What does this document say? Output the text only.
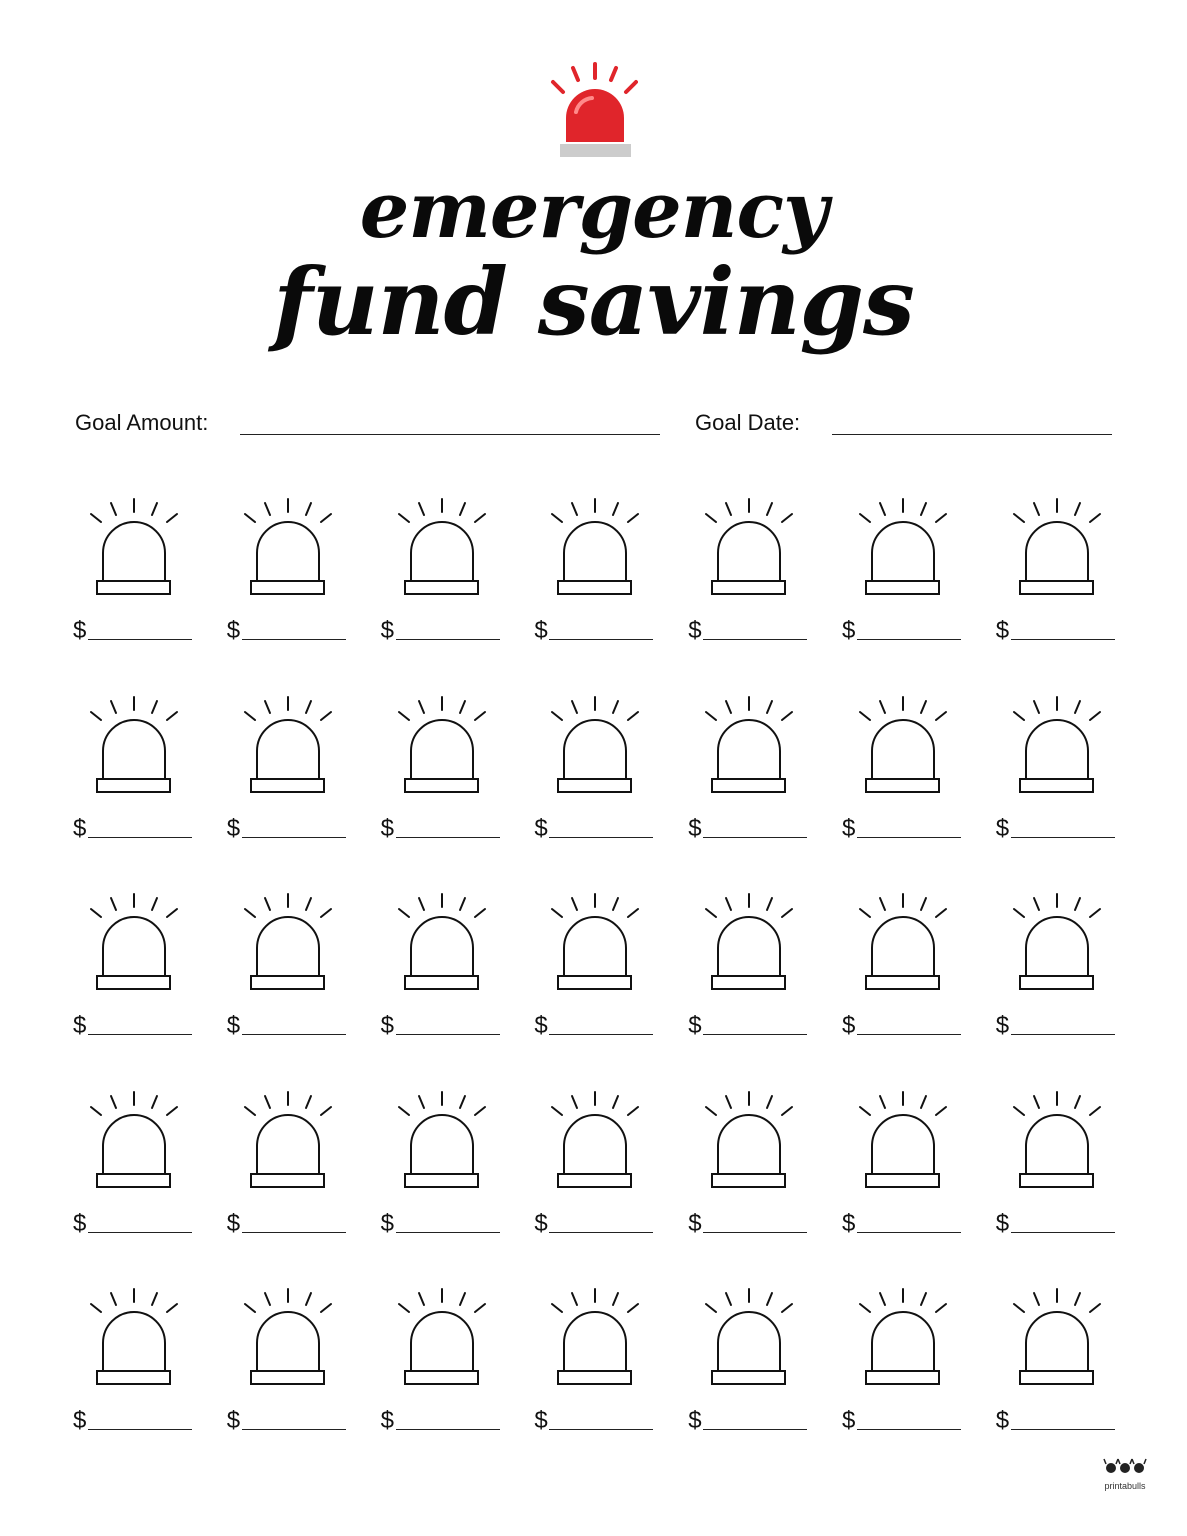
emergency
fund savings
Goal Amount:	Goal Date:
$	$	$	$	$	$	$
$	$	$	$	$	$	$
$	$	$	$	$	$	$
$	$	$	$	$	$	$
$	$	$	$	$	$	$
printabulls
